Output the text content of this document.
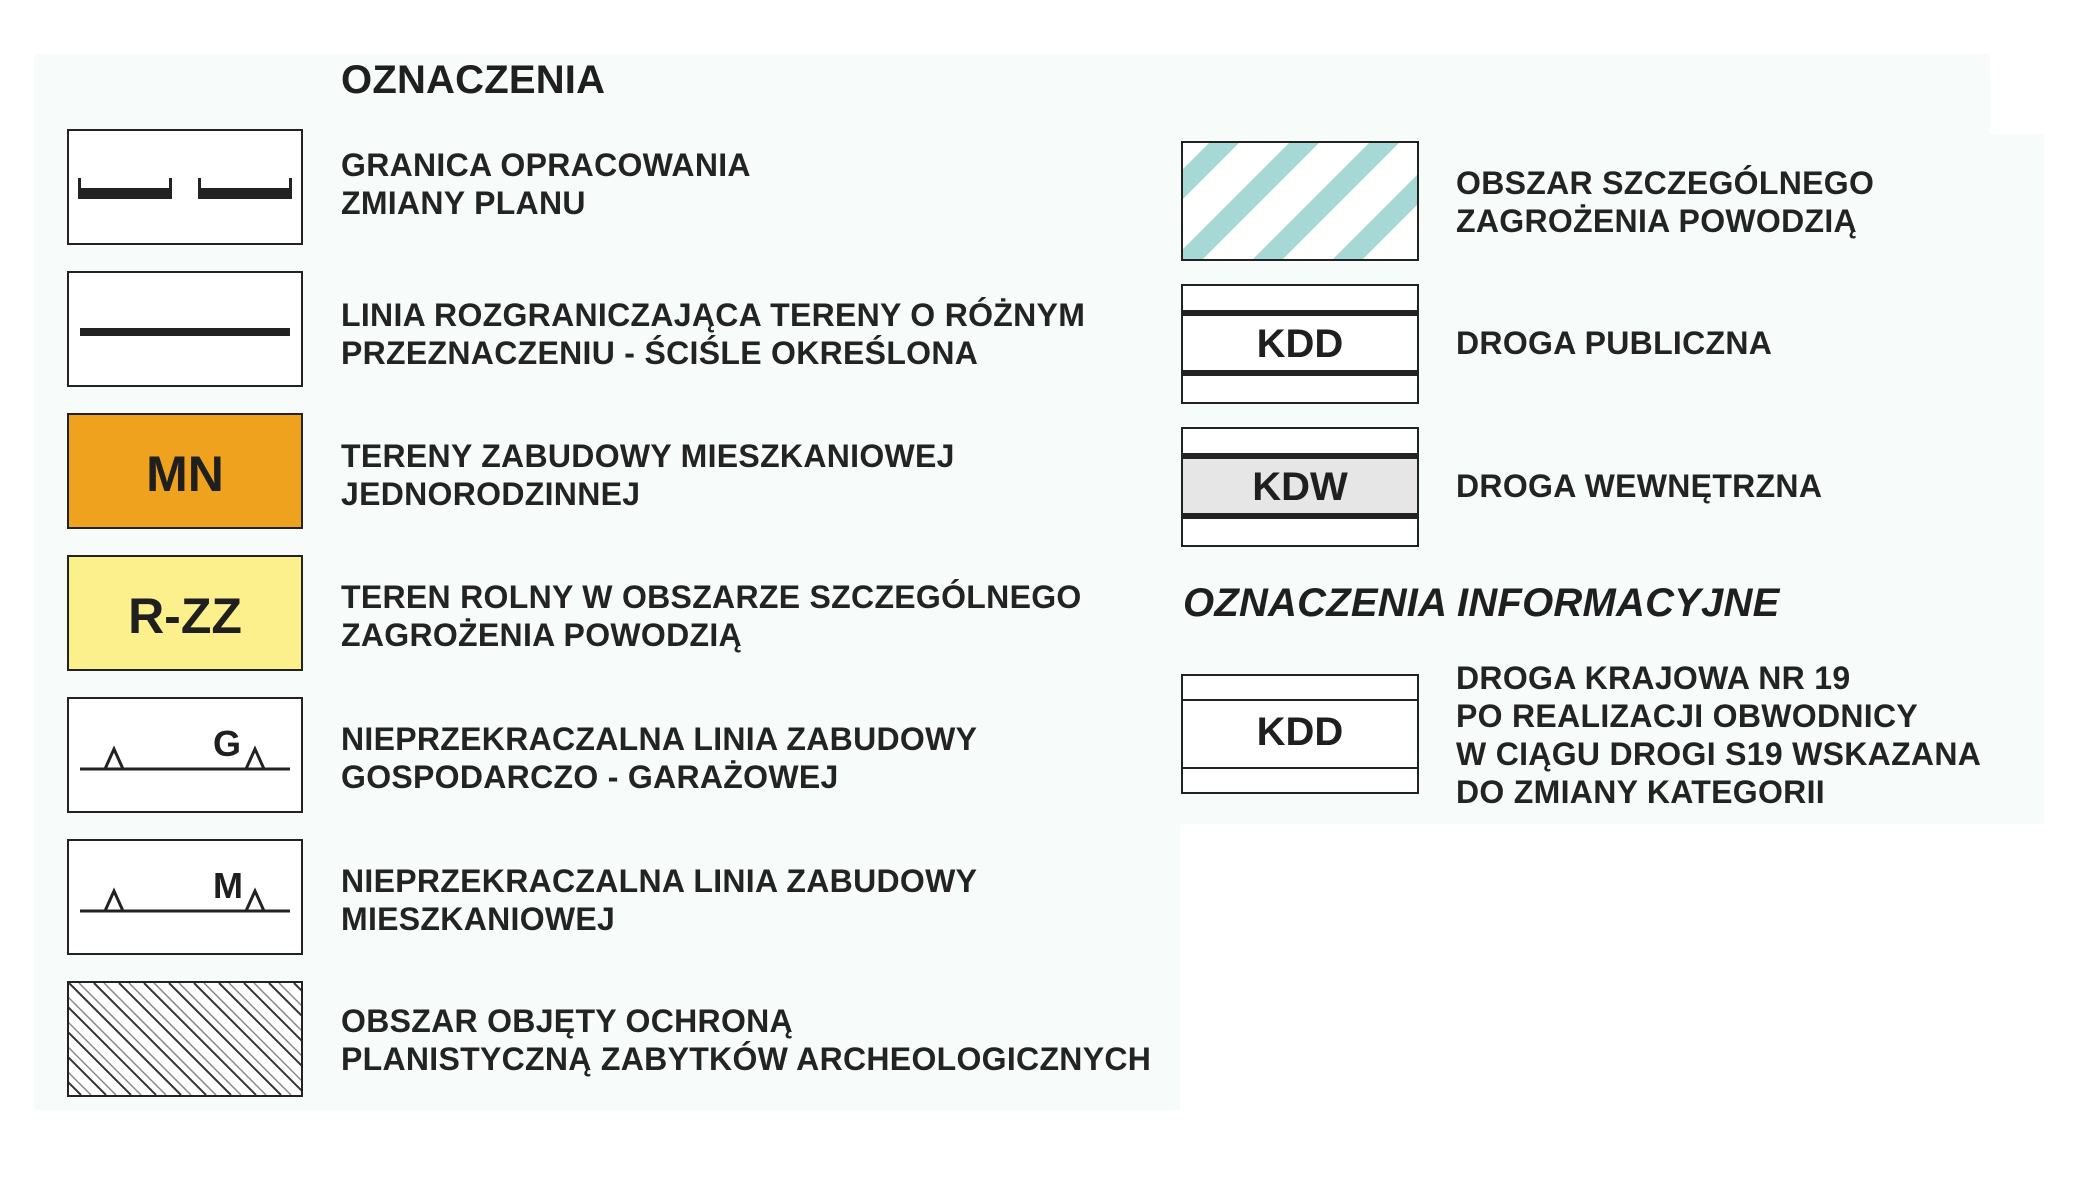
OZNACZENIA
GRANICA OPRACOWANIA
ZMIANY PLANU
LINIA ROZGRANICZAJĄCA TERENY O RÓŻNYM
PRZEZNACZENIU - ŚCIŚLE OKREŚLONA
MN	TERENY ZABUDOWY MIESZKANIOWEJ
JEDNORODZINNEJ
R-ZZ	TEREN ROLNY W OBSZARZE SZCZEGÓLNEGO
ZAGROŻENIA POWODZIĄ
G	NIEPRZEKRACZALNA LINIA ZABUDOWY
GOSPODARCZO - GARAŻOWEJ
M	NIEPRZEKRACZALNA LINIA ZABUDOWY
MIESZKANIOWEJ
OBSZAR OBJĘTY OCHRONĄ
PLANISTYCZNĄ ZABYTKÓW ARCHEOLOGICZNYCH
OBSZAR SZCZEGÓLNEGO
ZAGROŻENIA POWODZIĄ
KDD	DROGA PUBLICZNA
KDW	DROGA WEWNĘTRZNA
OZNACZENIA INFORMACYJNE
KDD
DROGA KRAJOWA NR 19
PO REALIZACJI OBWODNICY
W CIĄGU DROGI S19 WSKAZANA
DO ZMIANY KATEGORII
